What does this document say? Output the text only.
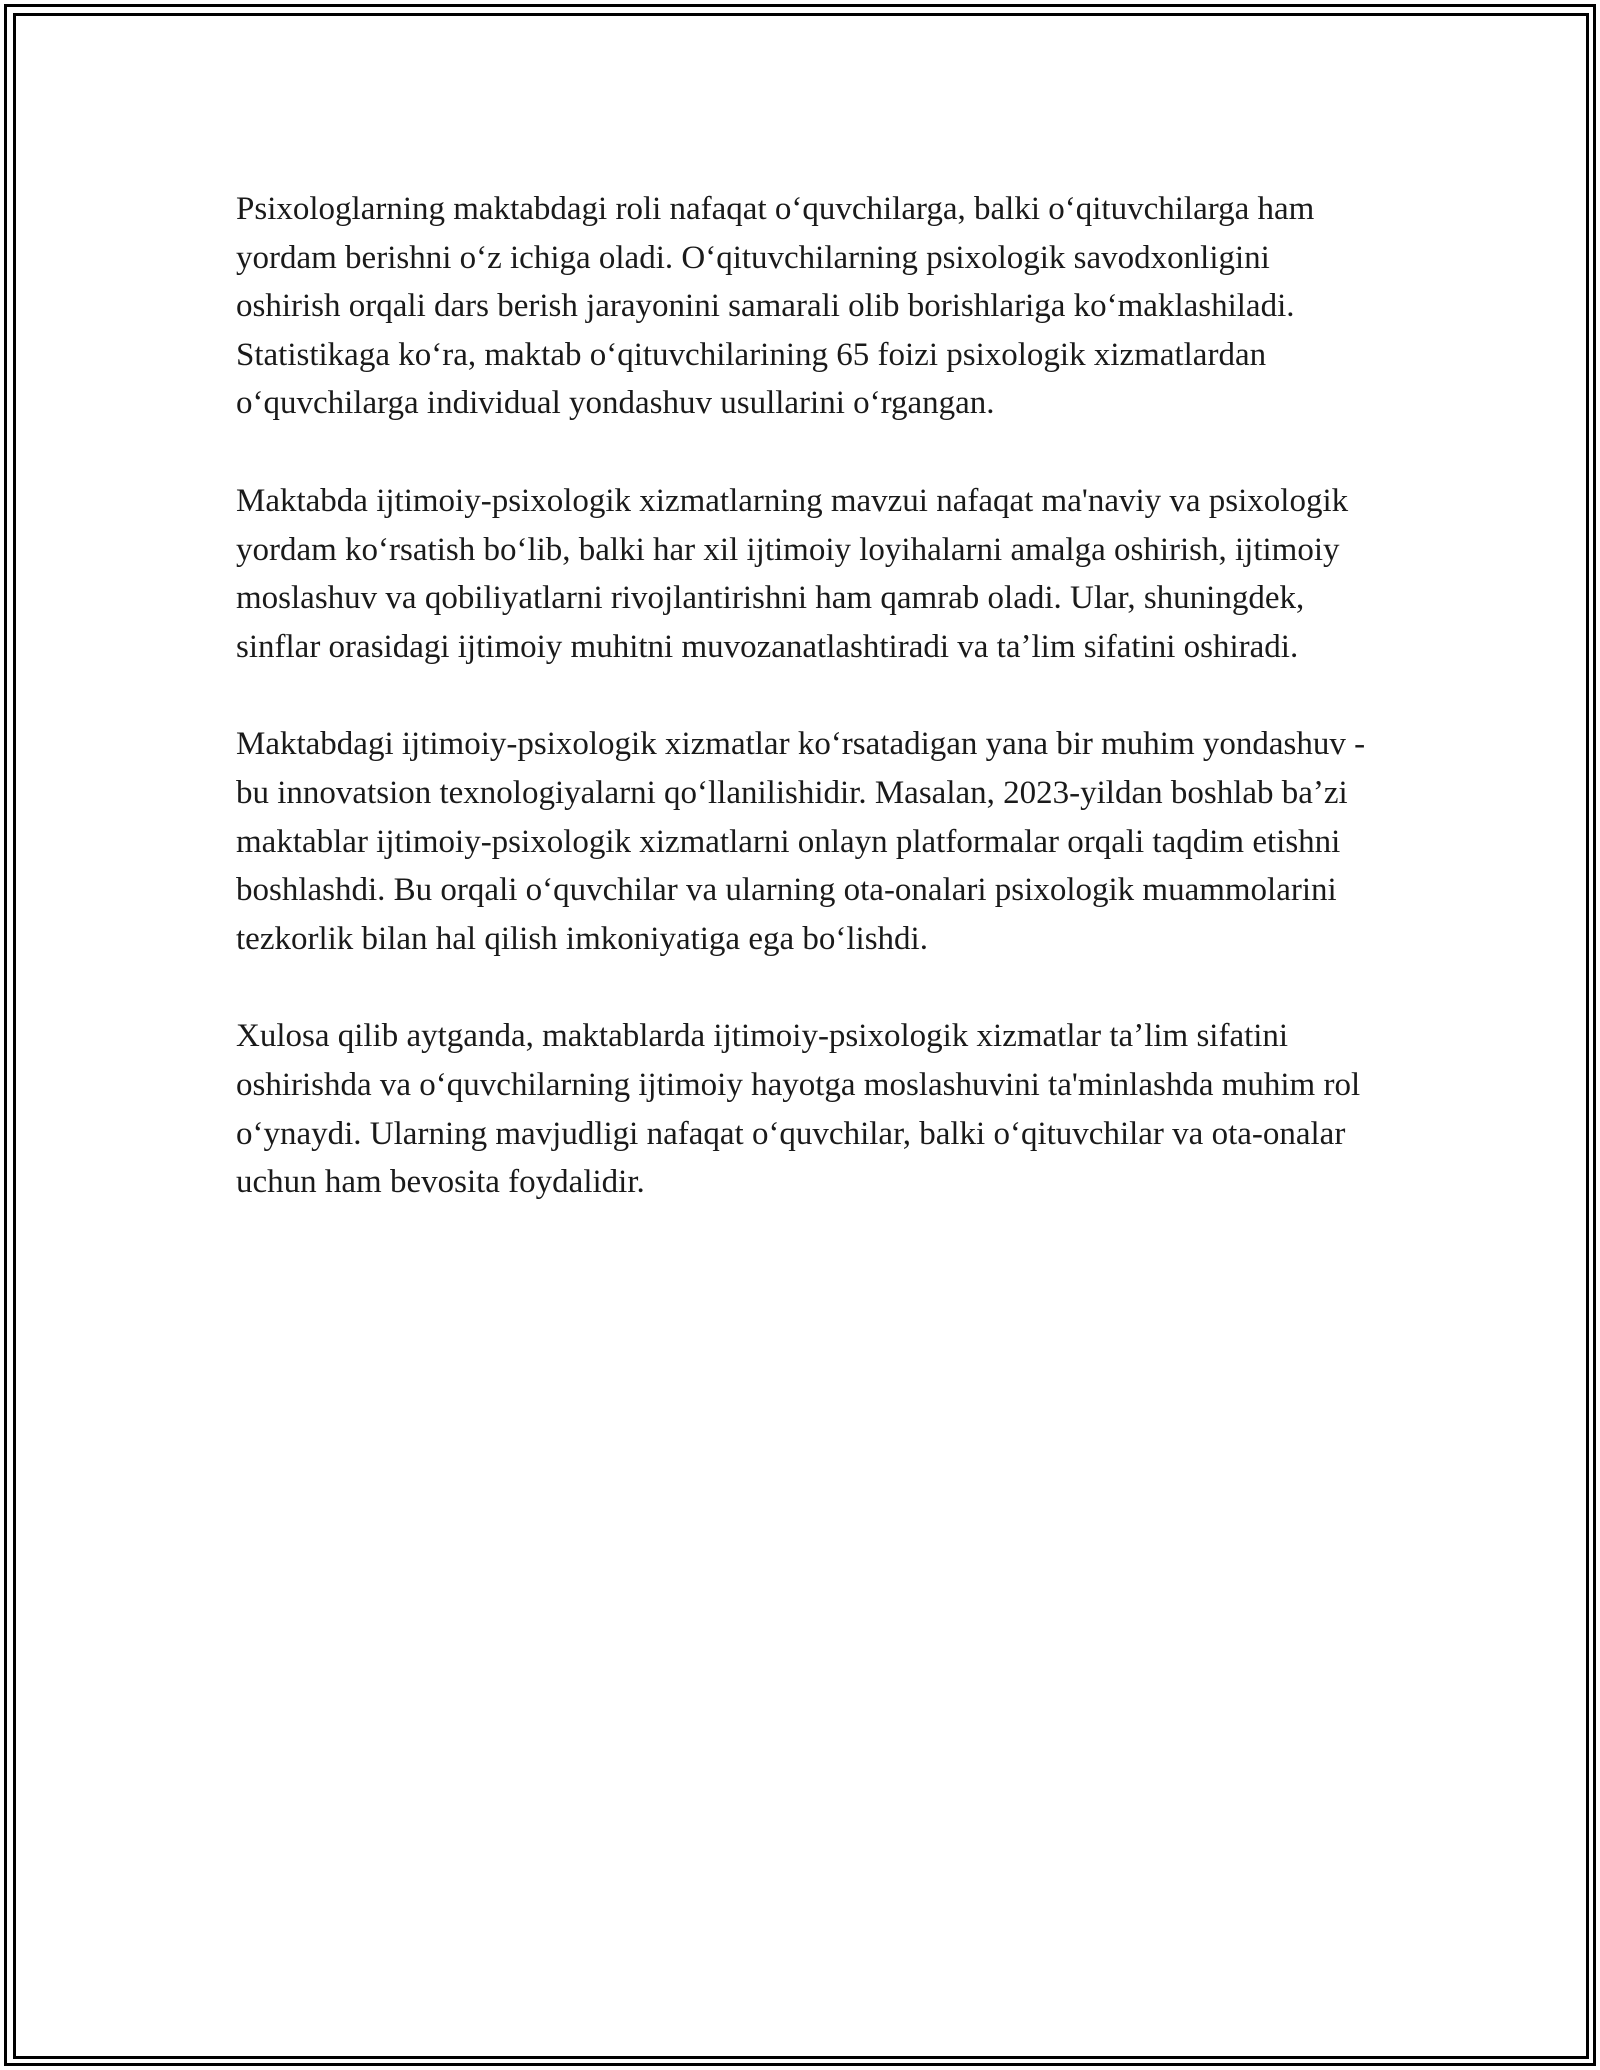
Psixologlarning maktabdagi roli nafaqat oʻquvchilarga, balki oʻqituvchilarga ham yordam berishni oʻz ichiga oladi. Oʻqituvchilarning psixologik savodxonligini oshirish orqali dars berish jarayonini samarali olib borishlariga koʻmaklashiladi. Statistikaga koʻra, maktab oʻqituvchilarining 65 foizi psixologik xizmatlardan oʻquvchilarga individual yondashuv usullarini oʻrgangan.

Maktabda ijtimoiy-psixologik xizmatlarning mavzui nafaqat ma'naviy va psixologik yordam koʻrsatish boʻlib, balki har xil ijtimoiy loyihalarni amalga oshirish, ijtimoiy moslashuv va qobiliyatlarni rivojlantirishni ham qamrab oladi. Ular, shuningdek, sinflar orasidagi ijtimoiy muhitni muvozanatlashtiradi va taʼlim sifatini oshiradi.

Maktabdagi ijtimoiy-psixologik xizmatlar koʻrsatadigan yana bir muhim yondashuv - bu innovatsion texnologiyalarni qoʻllanilishidir. Masalan, 2023-yildan boshlab baʼzi maktablar ijtimoiy-psixologik xizmatlarni onlayn platformalar orqali taqdim etishni boshlashdi. Bu orqali oʻquvchilar va ularning ota-onalari psixologik muammolarini tezkorlik bilan hal qilish imkoniyatiga ega boʻlishdi.

Xulosa qilib aytganda, maktablarda ijtimoiy-psixologik xizmatlar taʼlim sifatini oshirishda va oʻquvchilarning ijtimoiy hayotga moslashuvini ta'minlashda muhim rol oʻynaydi. Ularning mavjudligi nafaqat oʻquvchilar, balki oʻqituvchilar va ota-onalar uchun ham bevosita foydalidir.
